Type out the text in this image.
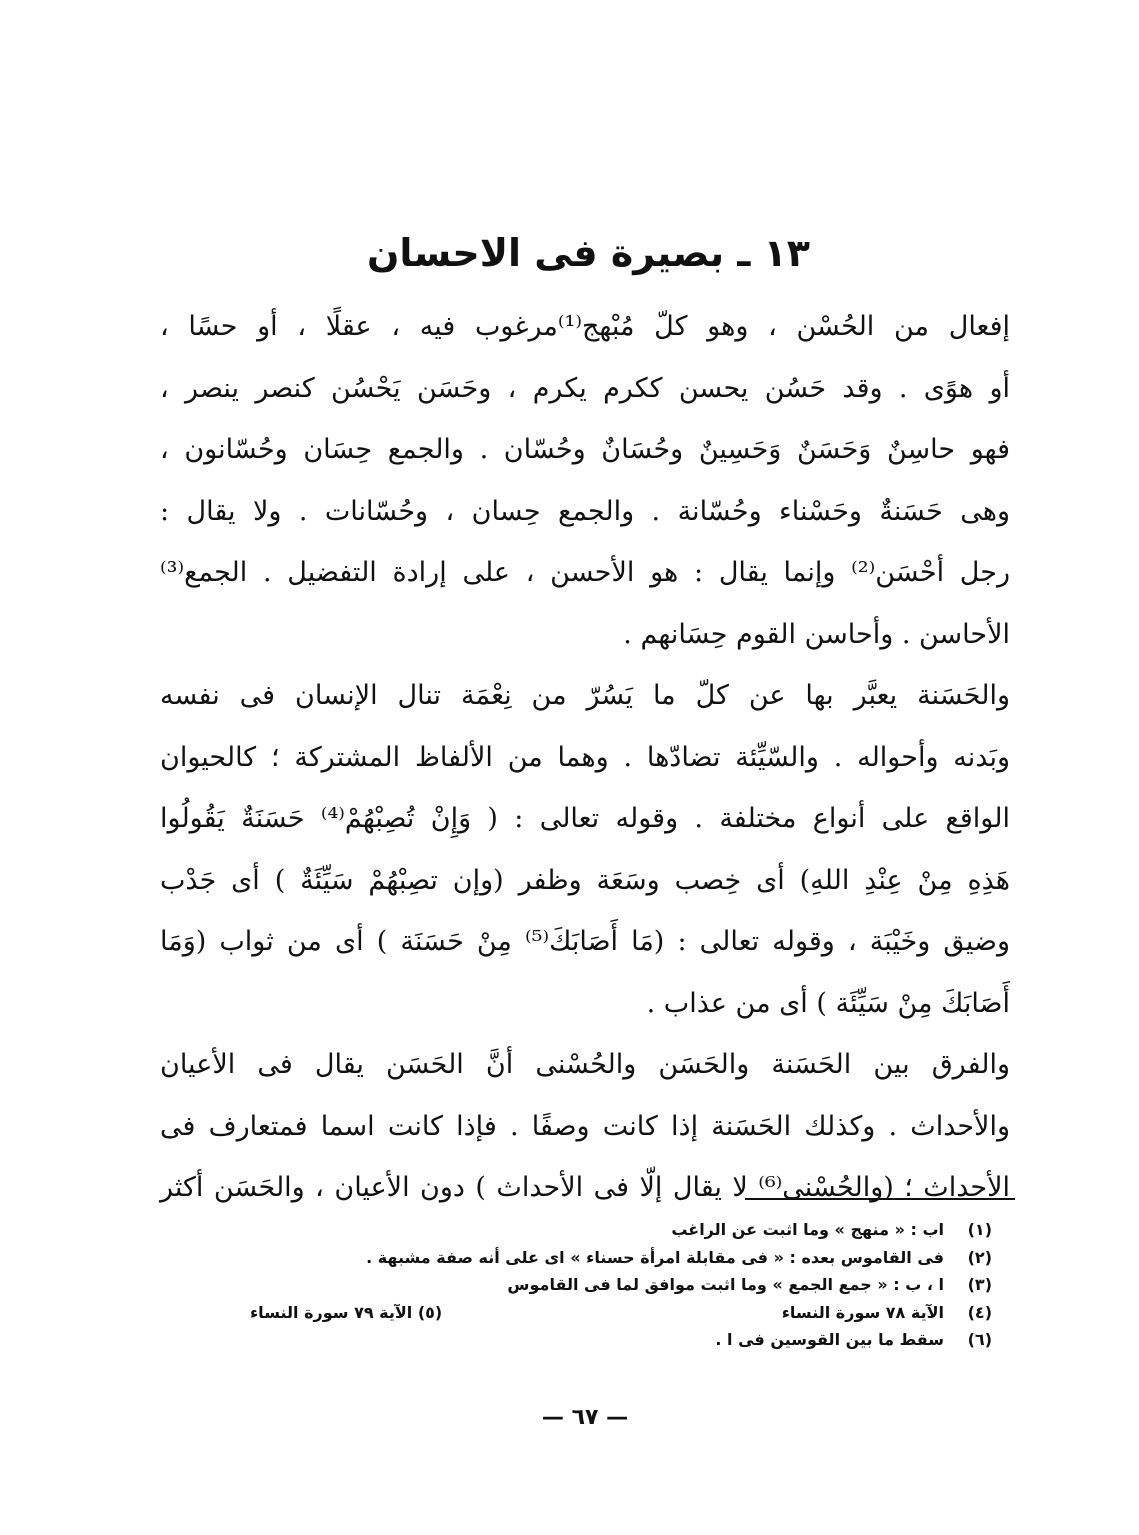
١٣ ـ بصيرة فى الاحسان

إفعال من الحُسْن ، وهو كلّ مُبْهج⁽¹⁾مرغوب فيه ، عقلًا ، أو حسًا ،
أو هوًى . وقد حَسُن يحسن ككرم يكرم ، وحَسَن يَحْسُن كنصر ينصر ،
فهو حاسِنٌ وَحَسَنٌ وَحَسِينٌ وحُسَانٌ وحُسّان . والجمع حِسَان وحُسّانون ،
وهى حَسَنةٌ وحَسْناء وحُسّانة . والجمع حِسان ، وحُسّانات . ولا يقال :
رجل أحْسَن⁽²⁾ وإنما يقال : هو الأحسن ، على إرادة التفضيل . الجمع⁽³⁾
الأحاسن . وأحاسن القوم حِسَانهم .

والحَسَنة يعبَّر بها عن كلّ ما يَسُرّ من نِعْمَة تنال الإنسان فى نفسه
وبَدنه وأحواله . والسّيِّئة تضادّها . وهما من الألفاظ المشتركة ؛ كالحيوان
الواقع على أنواع مختلفة . وقوله تعالى : ( وَإِنْ تُصِبْهُمْ⁽⁴⁾ حَسَنَةٌ يَقُولُوا
هَذِهِ مِنْ عِنْدِ اللهِ) أى خِصب وسَعَة وظفر (وإن تصِبْهُمْ سَيِّئَةٌ ) أى جَدْب
وضيق وخَيْبَة ، وقوله تعالى : (مَا أَصَابَكَ⁽⁵⁾ مِنْ حَسَنَة ) أى من ثواب (وَمَا
أَصَابَكَ مِنْ سَيِّئَة ) أى من عذاب .

والفرق بين الحَسَنة والحَسَن والحُسْنى أنَّ الحَسَن يقال فى الأعيان
والأحداث . وكذلك الحَسَنة إذا كانت وصفًا . فإذا كانت اسما فمتعارف فى
الأحداث ؛ (والحُسْنى⁽⁶⁾ لا يقال إلّا فى الأحداث ) دون الأعيان ، والحَسَن أكثر

(١)
اب : « منهج » وما اثبت عن الراغب
(٢)
فى القاموس بعده : « فى مقابلة امرأة حسناء » اى على أنه صفة مشبهة .
(٣)
ا ، ب : « جمع الجمع » وما اثبت موافق لما فى القاموس
(٤)
الآية ٧٨ سورة النساء
(٥) الآية ٧٩ سورة النساء
(٦)
سقط ما بين القوسين فى ا .
— ٦٧ —
